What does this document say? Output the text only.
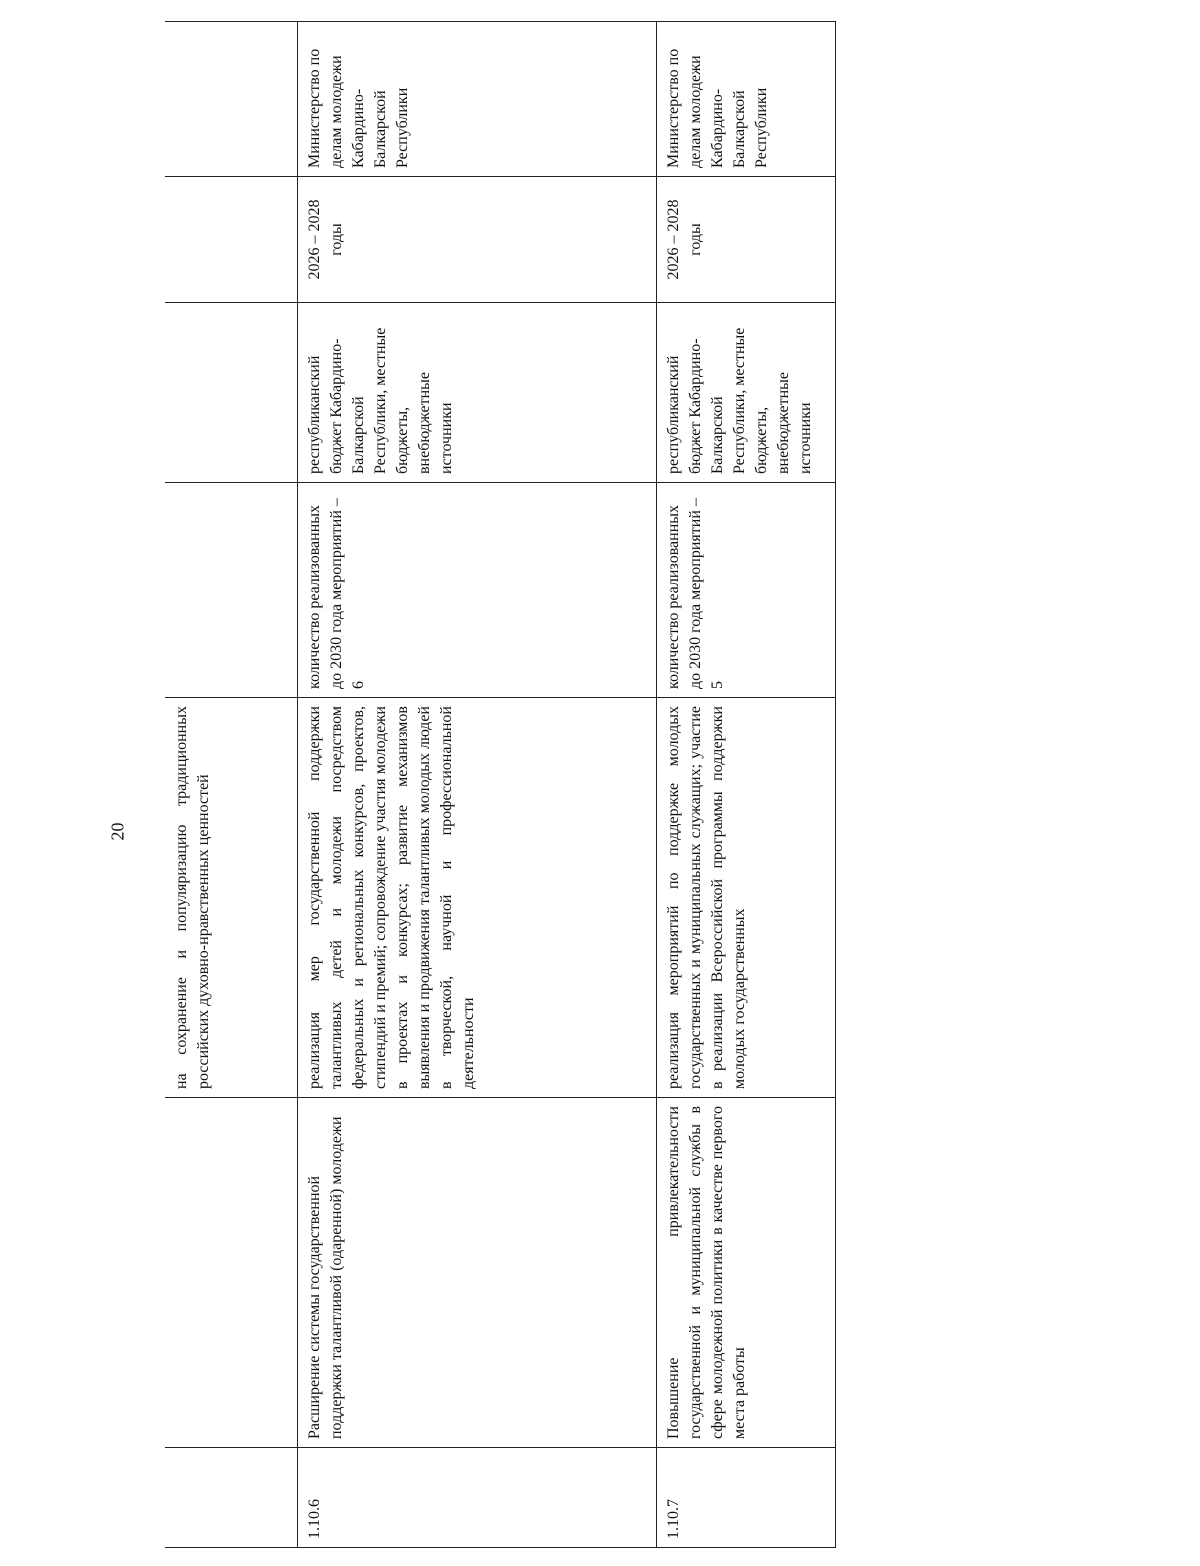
20

		на сохранение и популяризацию традиционных российских духовно-нравственных ценностей				

1.10.6	Расширение системы государственной поддержки талантливой (одаренной) молодежи	реализация мер государственной поддержки талантливых детей и молодежи посредством федеральных и региональных конкурсов, проектов, стипендий и премий; сопровождение участия молодежи в проектах и конкурсах; развитие механизмов выявления и продвижения талантливых молодых людей в творческой, научной и профессиональной деятельности	количество реализованных до 2030 года мероприятий – 6	республиканский бюджет Кабардино-Балкарской Республики, местные бюджеты, внебюджетные источники	2026 – 2028 годы	Министерство по делам молодежи Кабардино-Балкарской Республики

1.10.7	Повышение привлекательности государственной и муниципальной службы в сфере молодежной политики в качестве первого места работы	реализация мероприятий по поддержке молодых государственных и муниципальных служащих; участие в реализации Всероссийской программы поддержки молодых государственных	количество реализованных до 2030 года мероприятий – 5	республиканский бюджет Кабардино-Балкарской Республики, местные бюджеты, внебюджетные источники	2026 – 2028 годы	Министерство по делам молодежи Кабардино-Балкарской Республики
